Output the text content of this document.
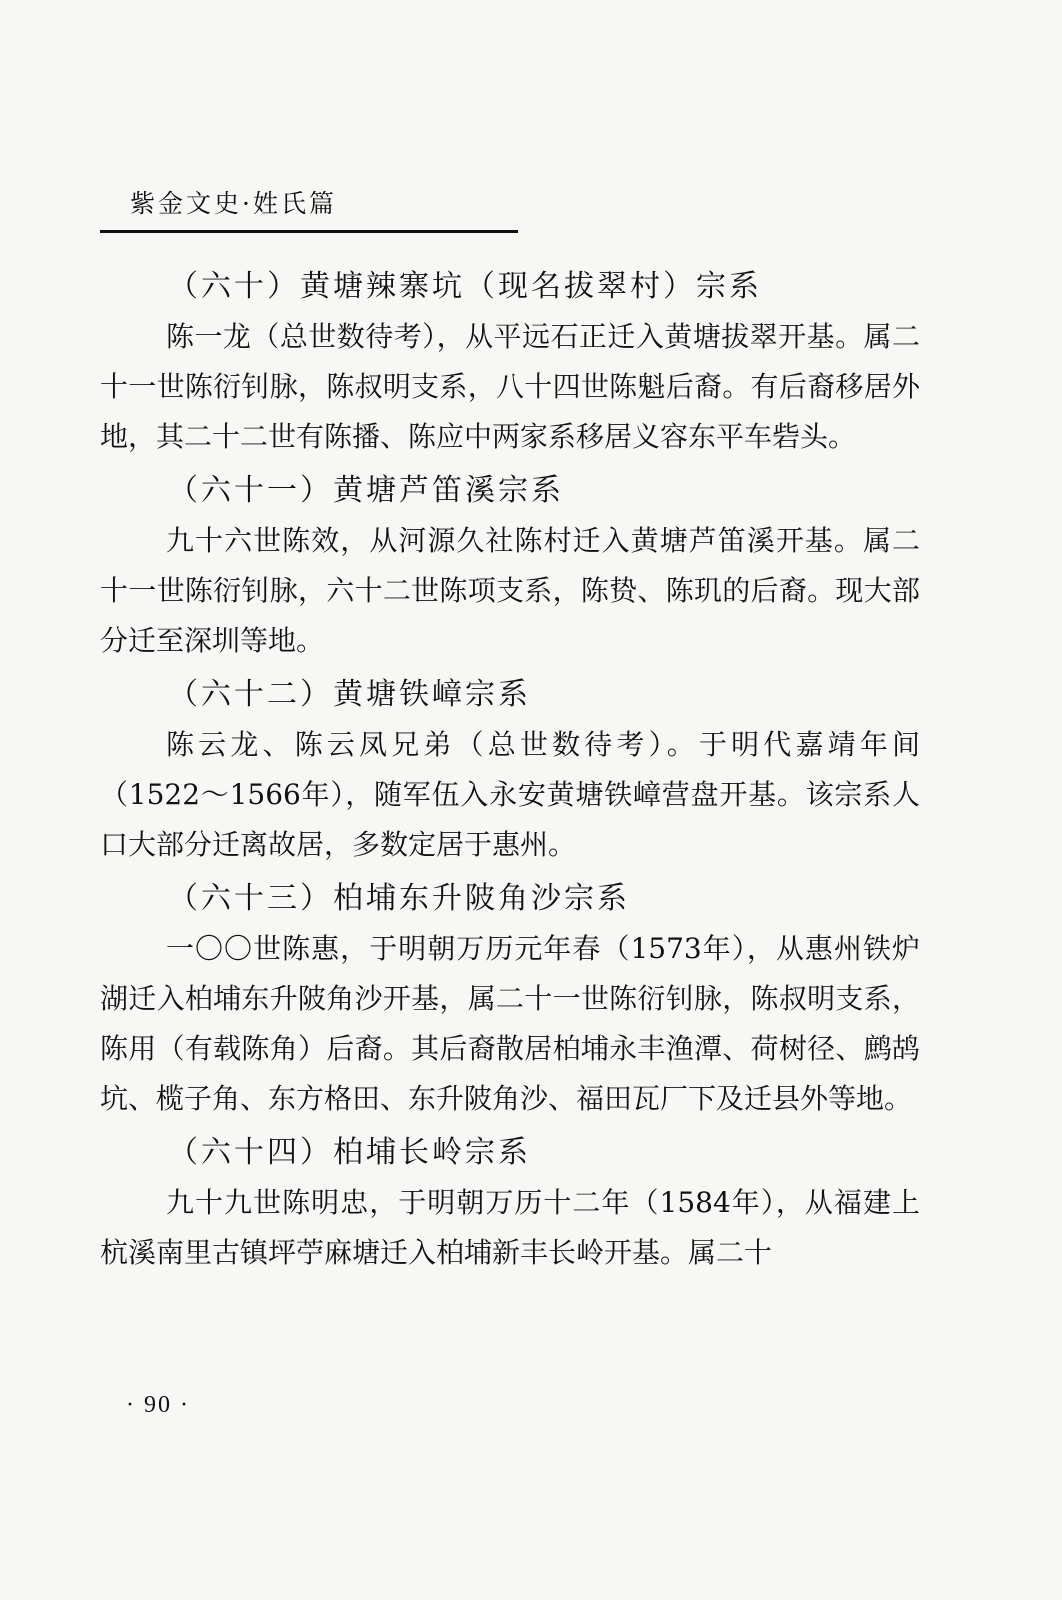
紫金文史·姓氏篇
（六十）黄塘辣寨坑（现名拔翠村）宗系

陈一龙（总世数待考），从平远石正迁入黄塘拔翠开基。属二十一世陈衍钊脉，陈叔明支系，八十四世陈魁后裔。有后裔移居外地，其二十二世有陈播、陈应中两家系移居义容东平车砦头。

（六十一）黄塘芦笛溪宗系

九十六世陈效，从河源久社陈村迁入黄塘芦笛溪开基。属二十一世陈衍钊脉，六十二世陈项支系，陈贽、陈玑的后裔。现大部分迁至深圳等地。

（六十二）黄塘铁嶂宗系

陈云龙、陈云凤兄弟（总世数待考）。于明代嘉靖年间（1522～1566年），随军伍入永安黄塘铁嶂营盘开基。该宗系人口大部分迁离故居，多数定居于惠州。

（六十三）柏埔东升陂角沙宗系

一〇〇世陈惠，于明朝万历元年春（1573年），从惠州铁炉湖迁入柏埔东升陂角沙开基，属二十一世陈衍钊脉，陈叔明支系，陈用（有载陈角）后裔。其后裔散居柏埔永丰渔潭、荷树径、鹧鸪坑、榄子角、东方格田、东升陂角沙、福田瓦厂下及迁县外等地。

（六十四）柏埔长岭宗系

九十九世陈明忠，于明朝万历十二年（1584年），从福建上杭溪南里古镇坪苧麻塘迁入柏埔新丰长岭开基。属二十

· 90 ·
